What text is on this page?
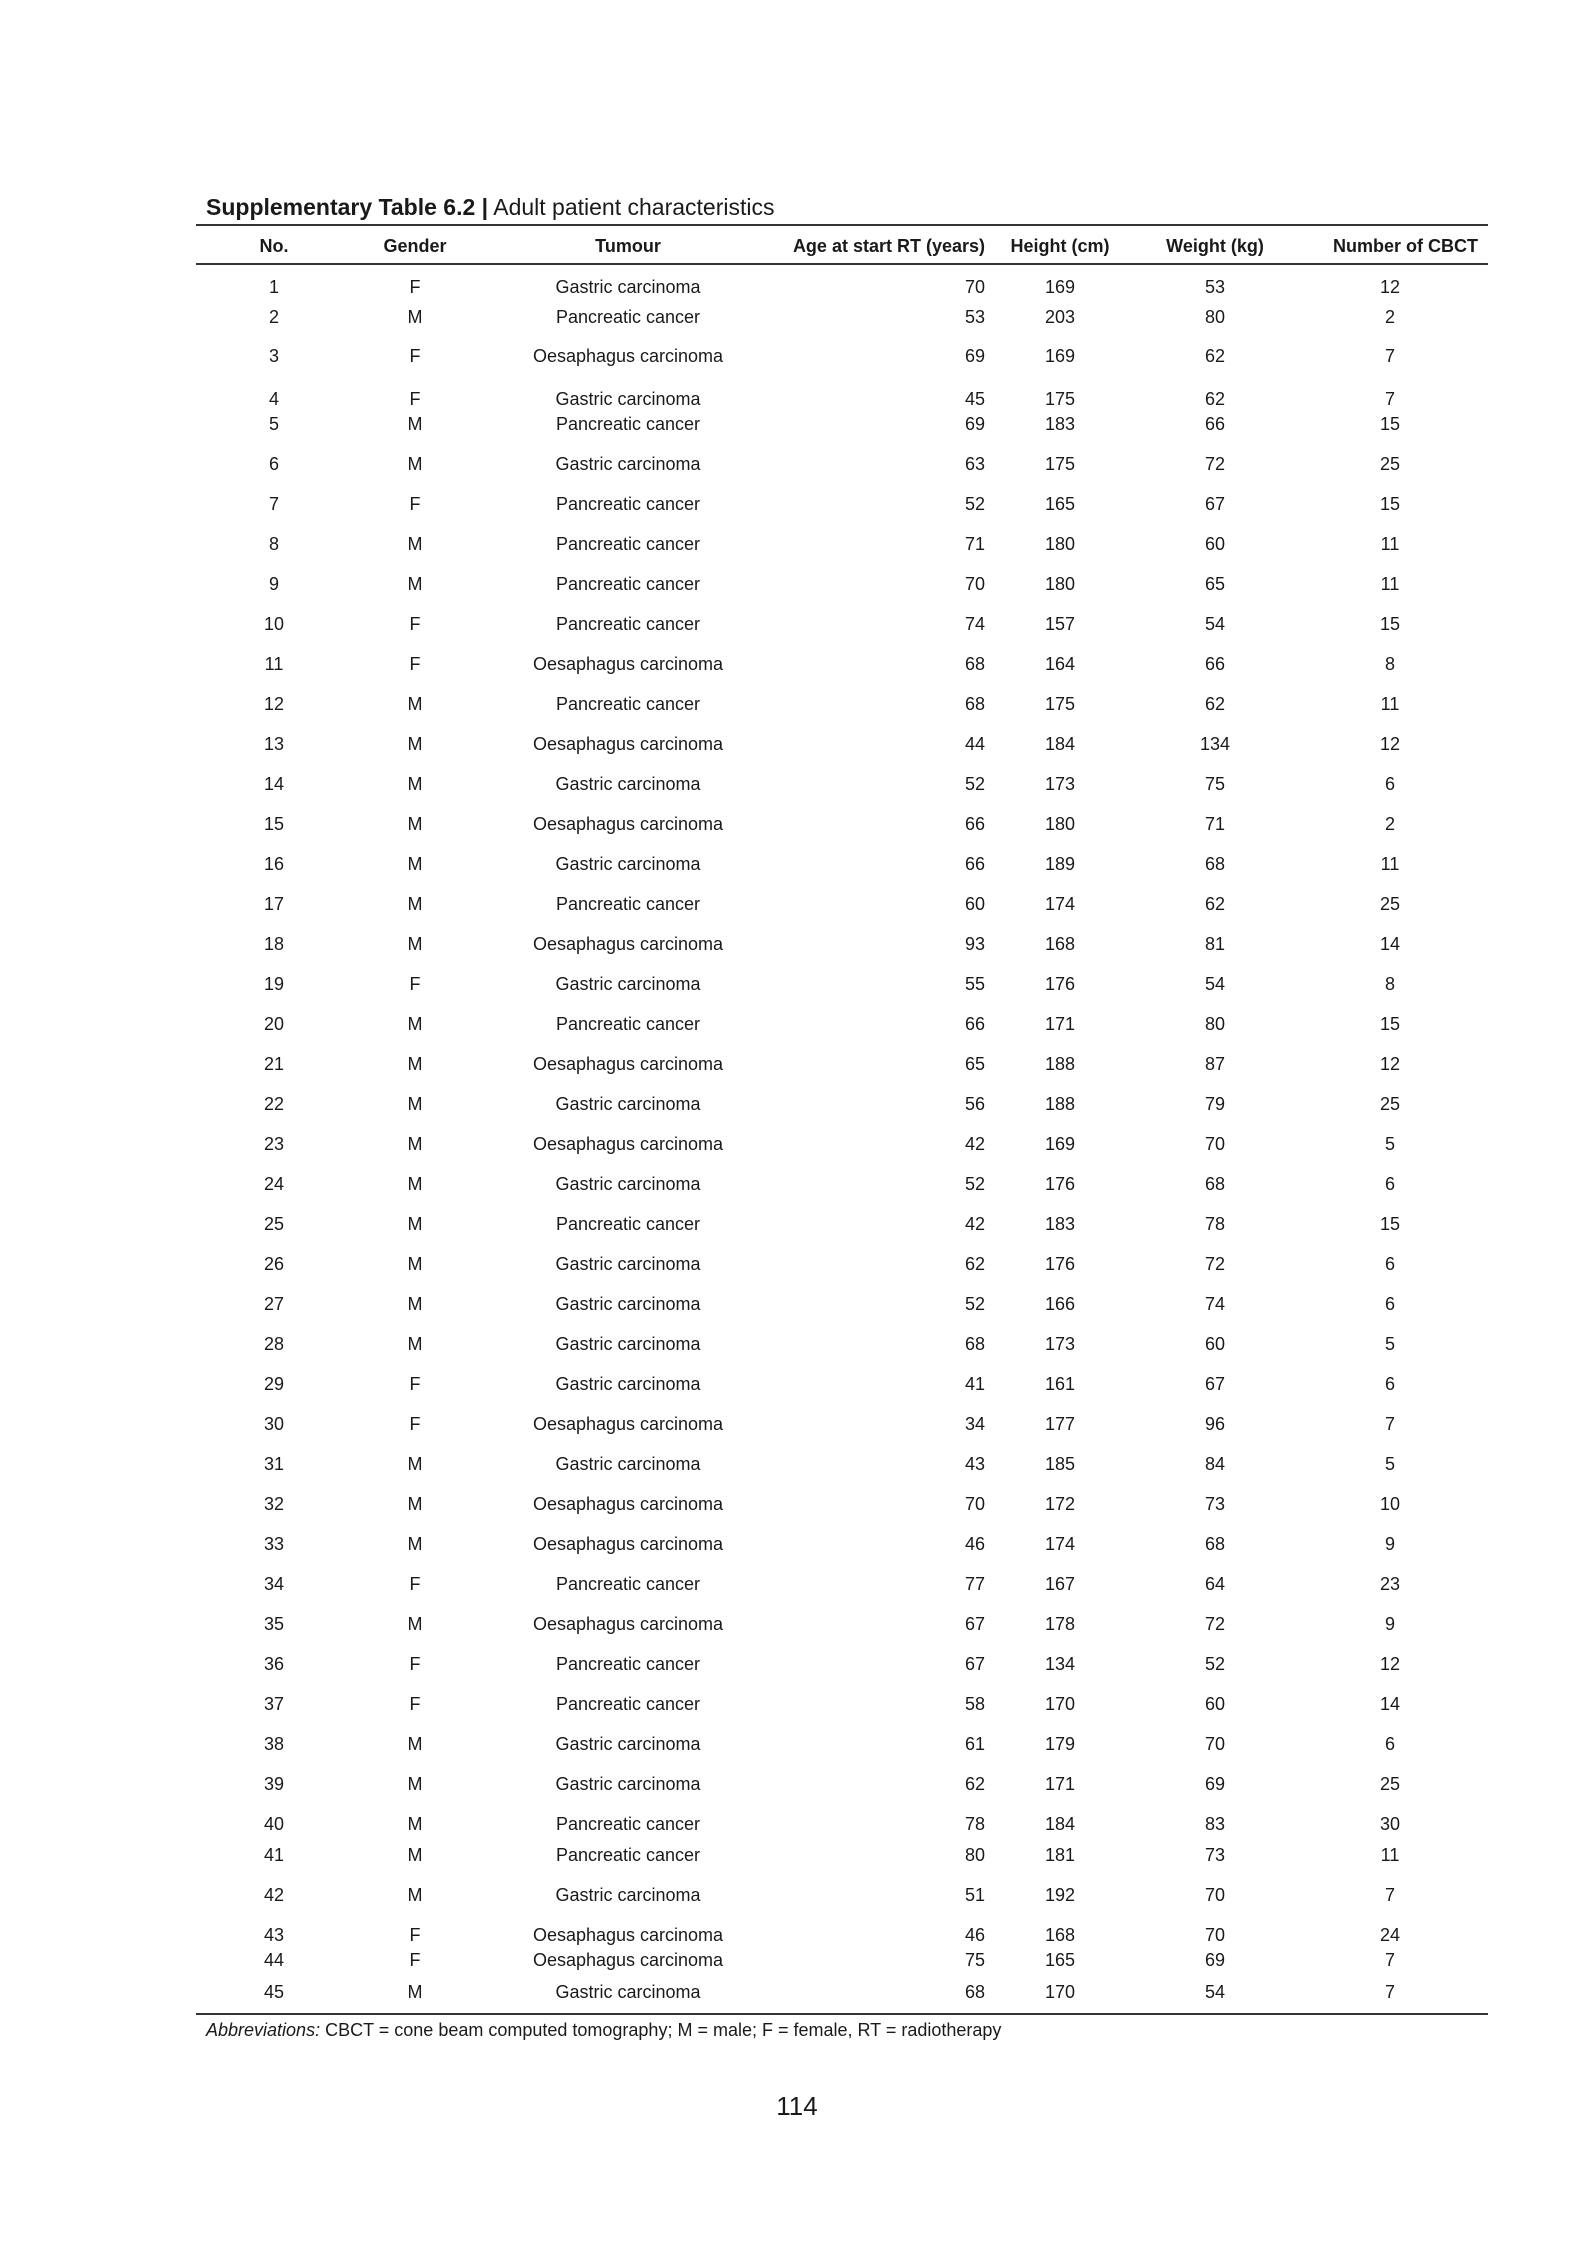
Supplementary Table 6.2 | Adult patient characteristics
No.	Gender	Tumour	Age at start RT (years)	Height (cm)	Weight (kg)	Number of CBCT
1	F	Gastric carcinoma	70	169	53	12
2	M	Pancreatic cancer	53	203	80	2
3	F	Oesaphagus carcinoma	69	169	62	7
4	F	Gastric carcinoma	45	175	62	7
5	M	Pancreatic cancer	69	183	66	15
6	M	Gastric carcinoma	63	175	72	25
7	F	Pancreatic cancer	52	165	67	15
8	M	Pancreatic cancer	71	180	60	11
9	M	Pancreatic cancer	70	180	65	11
10	F	Pancreatic cancer	74	157	54	15
11	F	Oesaphagus carcinoma	68	164	66	8
12	M	Pancreatic cancer	68	175	62	11
13	M	Oesaphagus carcinoma	44	184	134	12
14	M	Gastric carcinoma	52	173	75	6
15	M	Oesaphagus carcinoma	66	180	71	2
16	M	Gastric carcinoma	66	189	68	11
17	M	Pancreatic cancer	60	174	62	25
18	M	Oesaphagus carcinoma	93	168	81	14
19	F	Gastric carcinoma	55	176	54	8
20	M	Pancreatic cancer	66	171	80	15
21	M	Oesaphagus carcinoma	65	188	87	12
22	M	Gastric carcinoma	56	188	79	25
23	M	Oesaphagus carcinoma	42	169	70	5
24	M	Gastric carcinoma	52	176	68	6
25	M	Pancreatic cancer	42	183	78	15
26	M	Gastric carcinoma	62	176	72	6
27	M	Gastric carcinoma	52	166	74	6
28	M	Gastric carcinoma	68	173	60	5
29	F	Gastric carcinoma	41	161	67	6
30	F	Oesaphagus carcinoma	34	177	96	7
31	M	Gastric carcinoma	43	185	84	5
32	M	Oesaphagus carcinoma	70	172	73	10
33	M	Oesaphagus carcinoma	46	174	68	9
34	F	Pancreatic cancer	77	167	64	23
35	M	Oesaphagus carcinoma	67	178	72	9
36	F	Pancreatic cancer	67	134	52	12
37	F	Pancreatic cancer	58	170	60	14
38	M	Gastric carcinoma	61	179	70	6
39	M	Gastric carcinoma	62	171	69	25
40	M	Pancreatic cancer	78	184	83	30
41	M	Pancreatic cancer	80	181	73	11
42	M	Gastric carcinoma	51	192	70	7
43	F	Oesaphagus carcinoma	46	168	70	24
44	F	Oesaphagus carcinoma	75	165	69	7
45	M	Gastric carcinoma	68	170	54	7
Abbreviations: CBCT = cone beam computed tomography; M = male; F = female, RT = radiotherapy
114
